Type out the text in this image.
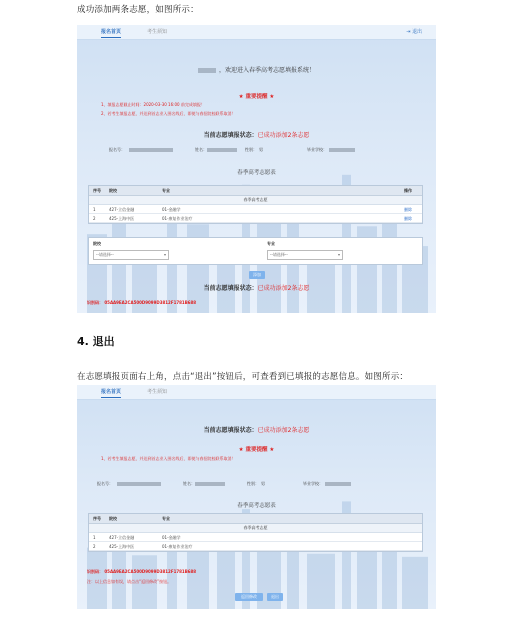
成功添加两条志愿，如图所示：
报名首页	考生须知	⇥ 退出
，欢迎进入春季高考志愿填报系统！
★ 重要提醒 ★
1、填报志愿截止时间：2020-03-30 16:00 前完成填报！
2、若考生填报志愿，并达到首志业入围名线后，即使与春招院校联系取消！
当前志愿填报状态：已成功添加2条志愿
报名号：	姓名：	性别： 男	毕业学校：
春季高考志愿表
序号 院校	专业	操作
春季高考志愿
1	427-立信金融	01-金融学	删除
2	425-上海中医	01-康复作业治疗	删除
院校	专业
--请选择--	▾	--请选择--	▾
添加
当前志愿填报状态：已成功添加2条志愿
识别码： 05AA9EA2CA500D9099D3812F1781B688
4. 退出
在志愿填报页面右上角，点击“退出”按钮后，可查看到已填报的志愿信息。如图所示：
报名首页	考生须知
当前志愿填报状态：已成功添加2条志愿
★ 重要提醒 ★
1、若考生填报志愿，并达到首志业入围名线后，即使与春招院校联系取消！
报名号：	姓名：	性别： 男	毕业学校：
春季高考志愿表
序号 院校	专业
春季高考志愿
1	427-立信金融	01-金融学
2	425-上海中医	01-康复作业治疗
识别码： 05AA9EA2CA500D9099D3812F1781B688
注：以上信息如有误，请点击“返回修改”按钮。
返回修改	退出
